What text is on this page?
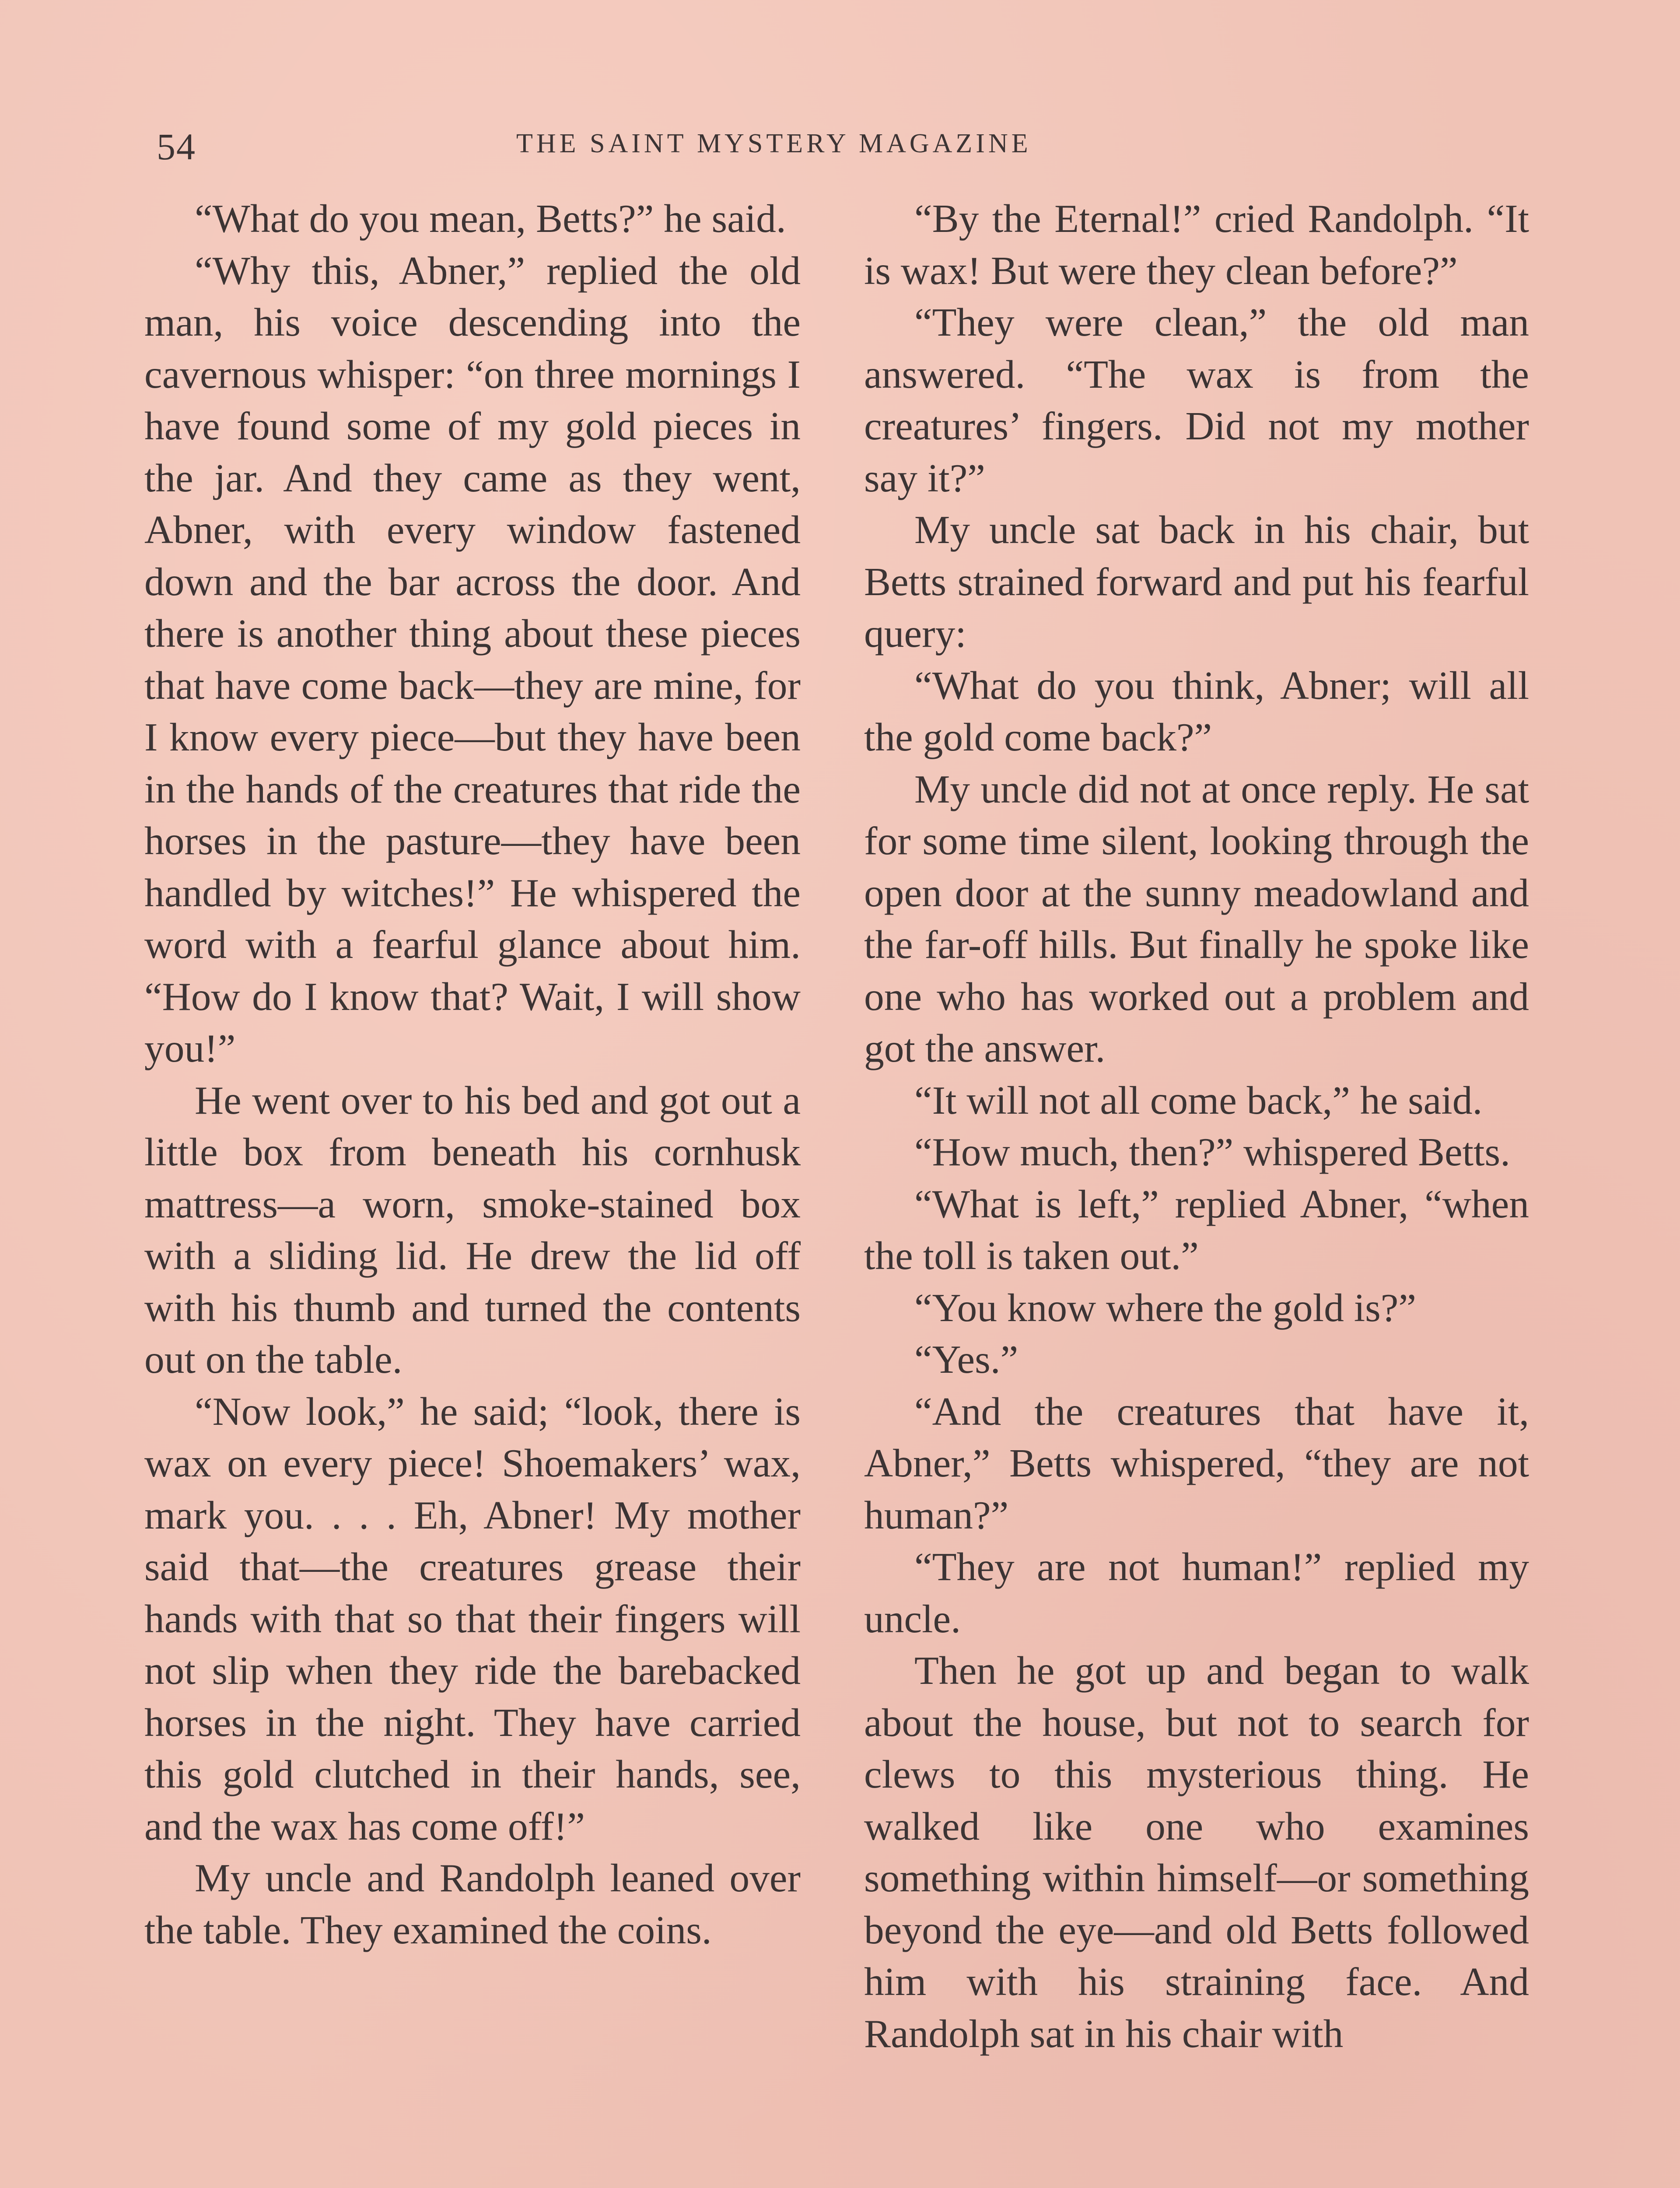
54	THE SAINT MYSTERY MAGAZINE

“What do you mean, Betts?” he said.

“Why this, Abner,” replied the old man, his voice descending into the cavernous whisper: “on three mornings I have found some of my gold pieces in the jar. And they came as they went, Abner, with every window fastened down and the bar across the door. And there is another thing about these pieces that have come back—they are mine, for I know every piece—but they have been in the hands of the creatures that ride the horses in the pasture—they have been handled by witches!” He whispered the word with a fearful glance about him. “How do I know that? Wait, I will show you!”

He went over to his bed and got out a little box from beneath his cornhusk mattress—a worn, smoke-stained box with a sliding lid. He drew the lid off with his thumb and turned the contents out on the table.

“Now look,” he said; “look, there is wax on every piece! Shoemakers’ wax, mark you. . . . Eh, Abner! My mother said that—the creatures grease their hands with that so that their fingers will not slip when they ride the barebacked horses in the night. They have carried this gold clutched in their hands, see, and the wax has come off!”

My uncle and Randolph leaned over the table. They examined the coins.

“By the Eternal!” cried Randolph. “It is wax! But were they clean before?”

“They were clean,” the old man answered. “The wax is from the creatures’ fingers. Did not my mother say it?”

My uncle sat back in his chair, but Betts strained forward and put his fearful query:

“What do you think, Abner; will all the gold come back?”

My uncle did not at once reply. He sat for some time silent, looking through the open door at the sunny meadowland and the far-off hills. But finally he spoke like one who has worked out a problem and got the answer.

“It will not all come back,” he said.

“How much, then?” whispered Betts.

“What is left,” replied Abner, “when the toll is taken out.”

“You know where the gold is?”

“Yes.”

“And the creatures that have it, Abner,” Betts whispered, “they are not human?”

“They are not human!” replied my uncle.

Then he got up and began to walk about the house, but not to search for clews to this mysterious thing. He walked like one who examines something within himself—or something beyond the eye—and old Betts followed him with his straining face. And Randolph sat in his chair with
